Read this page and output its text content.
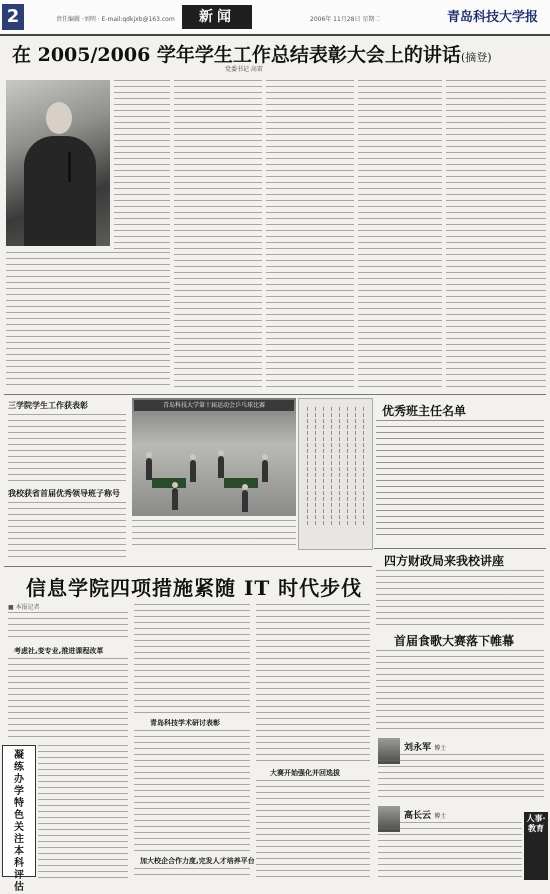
2	责任编辑 ·刘明 · E-mail:qdkjxb@163.com	新闻	2006年 11月28日 星期二	青岛科技大学报
在 2005/2006 学年学生工作总结表彰大会上的讲话(摘登)
党委书记 高雷
三学院学生工作获表彰
我校获省首届优秀领导班子称号
青岛科技大学第十届运动会乒乓球比赛	优秀班主任名单
四方财政局来我校讲座
首届食歌大赛落下帷幕
刘永军 博士
高长云 博士	人事·教育
信息学院四项措施紧随 IT 时代步伐
■ 本报记者
考虑社,变专业,推进课程改革
凝练办学特色 关注本科评估
青岛科技学术研讨表彰
加大校企合作力度,完发人才培养平台
大赛开始强化并回选拔
